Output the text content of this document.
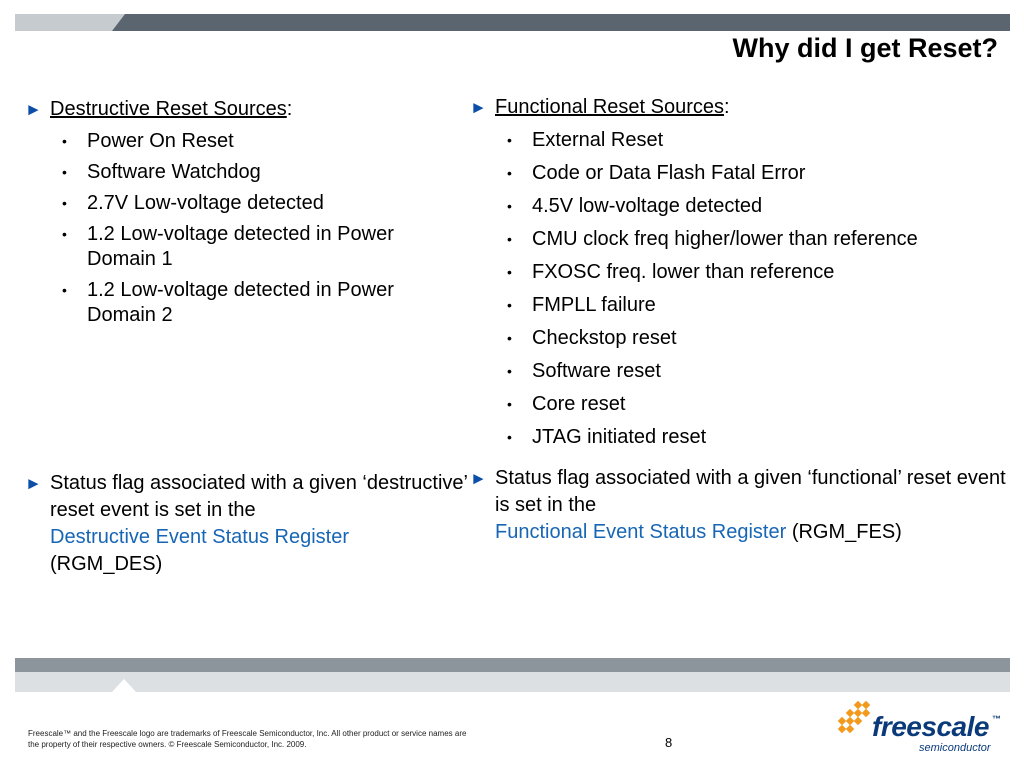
Why did I get Reset?
► Destructive Reset Sources:
• Power On Reset
• Software Watchdog
• 2.7V Low-voltage detected
• 1.2 Low-voltage detected in Power Domain 1
• 1.2 Low-voltage detected in Power Domain 2
► Status flag associated with a given ‘destructive’ reset event is set in the
Destructive Event Status Register
(RGM_DES)
► Functional Reset Sources:
• External Reset
• Code or Data Flash Fatal Error
• 4.5V low-voltage detected
• CMU clock freq higher/lower than reference
• FXOSC freq. lower than reference
• FMPLL failure
• Checkstop reset
• Software reset
• Core reset
• JTAG initiated reset
► Status flag associated with a given ‘functional’ reset event is set in the
Functional Event Status Register (RGM_FES)
Freescale™ and the Freescale logo are trademarks of Freescale Semiconductor, Inc. All other product or service names are
the property of their respective owners. © Freescale Semiconductor, Inc. 2009.	8
freescale ™
semiconductor
